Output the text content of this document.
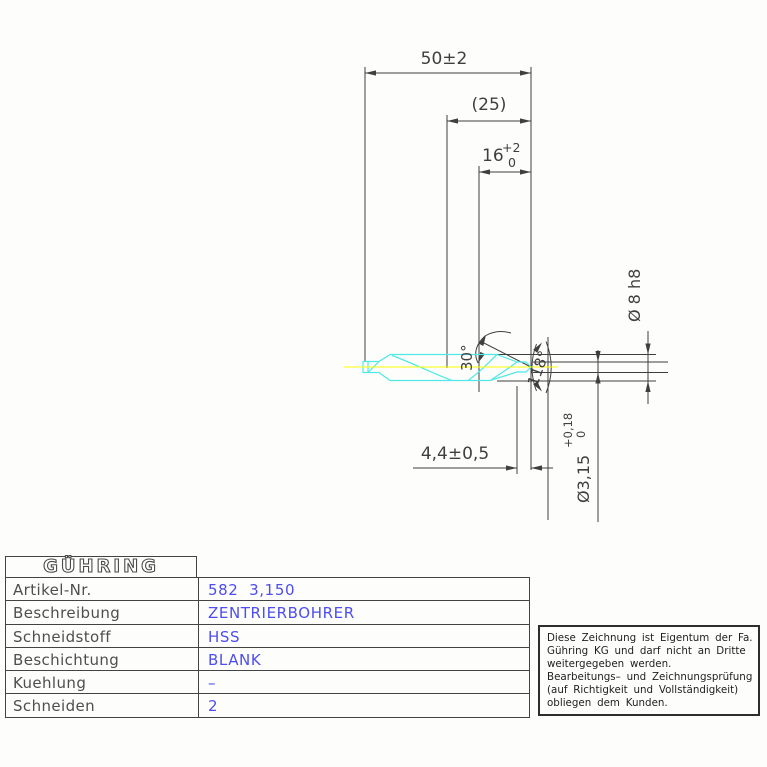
50±2
(25)
16
+2
0
4,4±0,5
Ø3,15
+0,18 0
Ø 8 h8
30°	118°
GÜHRING
Artikel-Nr.	582  3,150
Beschreibung	ZENTRIERBOHRER
Schneidstoff	HSS
Beschichtung	BLANK
Kuehlung	–
Schneiden	2
Diese Zeichnung ist Eigentum der Fa.
Gühring KG und darf nicht an Dritte
weitergegeben werden.
Bearbeitungs– und Zeichnungsprüfung
(auf Richtigkeit und Vollständigkeit)
obliegen dem Kunden.
